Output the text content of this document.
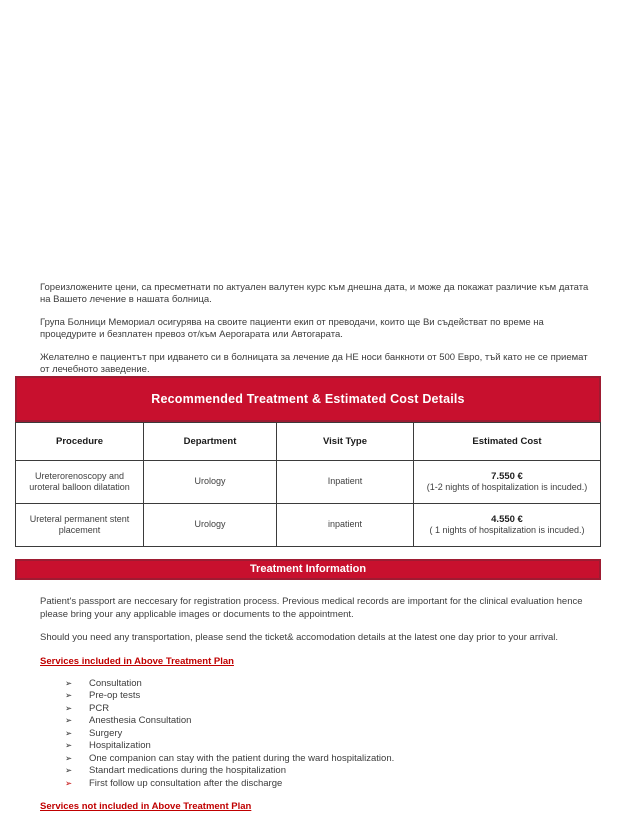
Гореизложените цени, са пресметнати по актуален валутен курс към днешна дата, и може да покажат различие към датата на Вашето лечение в нашата болница.

Група Болници Мемориал осигурява на своите пациенти екип от преводачи, които ще Ви съдействат по време на процедурите и безплатен превоз от/към Аерогарата или Автогарата.

Желателно е пациентът при идването си в болницата за лечение да НЕ носи банкноти от 500 Евро, тъй като не се приемат от лечебното заведение.

Recommended Treatment & Estimated Cost Details
Procedure	Department	Visit Type	Estimated Cost
Ureterorenoscopy and uroteral balloon dilatation	Urology	Inpatient	7.550 €
(1-2 nights of hospitalization is incuded.)

Ureteral permanent stent placement	Urology	inpatient	4.550 €
( 1 nights of hospitalization is incuded.)
Treatment Information

Patient's passport are neccesary for registration process. Previous medical records are important for the clinical evaluation hence please bring your any applicable images or documents to the appointment.

Should you need any transportation, please send the ticket& accomodation details at the latest one day prior to your arrival.

Services included in Above Treatment Plan
➢	Consultation
➢	Pre-op tests
➢	PCR
➢	Anesthesia Consultation
➢	Surgery
➢	Hospitalization
➢	One companion can stay with the patient during the ward hospitalization.
➢	Standart medications during the hospitalization
➢	First follow up consultation after the discharge
Services not included in Above Treatment Plan
